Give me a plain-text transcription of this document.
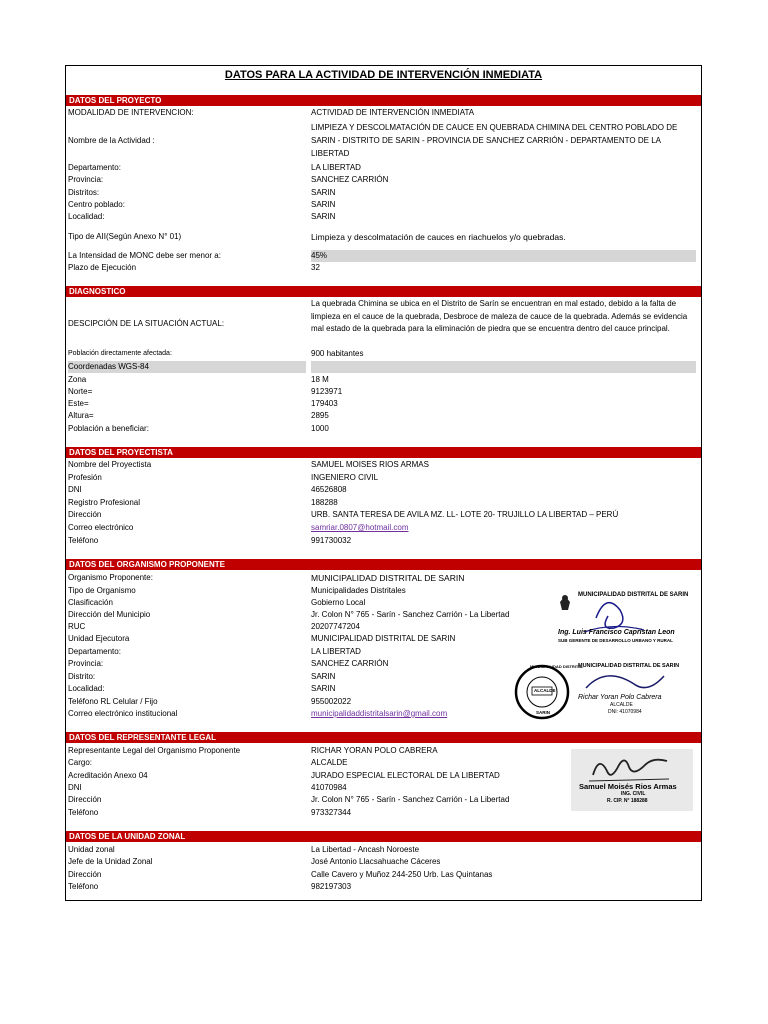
DATOS PARA LA ACTIVIDAD DE INTERVENCIÓN INMEDIATA
DATOS DEL PROYECTO
MODALIDAD DE INTERVENCION:	ACTIVIDAD DE INTERVENCIÓN INMEDIATA
Nombre de la Actividad :
LIMPIEZA Y DESCOLMATACIÓN DE CAUCE EN QUEBRADA CHIMINA DEL CENTRO POBLADO DE SARIN - DISTRITO DE SARIN - PROVINCIA DE SANCHEZ CARRIÓN - DEPARTAMENTO DE LA LIBERTAD
Departamento:	LA LIBERTAD
Provincia:	SANCHEZ CARRIÓN
Distritos:	SARIN
Centro poblado:	SARIN
Localidad:	SARIN
Tipo de AII(Según Anexo N° 01)	Limpieza y descolmatación de cauces en riachuelos y/o quebradas.
La Intensidad de MONC debe ser menor a:	45%
Plazo de Ejecución	32
DIAGNOSTICO
DESCIPCIÓN DE LA SITUACIÓN ACTUAL:
La quebrada Chimina se ubica en el Distrito de Sarín se encuentran en mal estado, debido a la falta de limpieza en el cauce de la quebrada, Desbroce de maleza de cauce de la quebrada. Además se evidencia mal estado de la quebrada para la eliminación de piedra que se encuentra dentro del cauce principal.
Población directamente afectada:	900 habitantes
Coordenadas WGS-84
Zona	18 M
Norte=	9123971
Este=	179403
Altura=	2895
Población a beneficiar:	1000
DATOS DEL PROYECTISTA
Nombre del Proyectista	SAMUEL MOISES RIOS ARMAS
Profesión	INGENIERO CIVIL
DNI	46526808
Registro Profesional	188288
Dirección	URB. SANTA TERESA DE AVILA MZ. LL- LOTE 20- TRUJILLO LA LIBERTAD – PERÚ
Correo electrónico	samriar.0807@hotmail.com
Teléfono	991730032
DATOS DEL ORGANISMO PROPONENTE
Organismo Proponente:	MUNICIPALIDAD DISTRITAL DE SARIN
Tipo de Organismo	Municipalidades Distritales
Clasificación	Gobierno Local
Dirección del Municipio	Jr. Colon N° 765 - Sarín - Sanchez Carrión - La Libertad
RUC	20207747204
Unidad Ejecutora	MUNICIPALIDAD DISTRITAL DE SARIN
Departamento:	LA LIBERTAD
Provincia:	SANCHEZ CARRIÓN
Distrito:	SARIN
Localidad:	SARIN
Teléfono RL Celular / Fijo	955002022
Correo electrónico institucional	municipalidaddistritalsarin@gmail.com
DATOS DEL REPRESENTANTE LEGAL
Representante Legal del Organismo Proponente	RICHAR YORAN POLO CABRERA
Cargo:	ALCALDE
Acreditación Anexo 04	JURADO ESPECIAL ELECTORAL DE LA LIBERTAD
DNI	41070984
Dirección	Jr. Colon N° 765 - Sarín - Sanchez Carrión - La Libertad
Teléfono	973327344
DATOS DE LA UNIDAD ZONAL
Unidad zonal	La Libertad - Ancash Noroeste
Jefe de la Unidad Zonal	José Antonio Llacsahuache Cáceres
Dirección	Calle Cavero y Muñoz 244-250 Urb. Las Quintanas
Teléfono	982197303
MUNICIPALIDAD DISTRITAL DE SARIN
Ing. Luis Francisco Capristan Leon
SUB GERENTE DE DESARROLLO URBANO Y RURAL
MUNICIPALIDAD DISTRITAL
ALCALDE
SARIN
MUNICIPALIDAD DISTRITAL DE SARIN
Richar Yoran Polo Cabrera
ALCALDE
DNI: 41070984
Samuel Moisés Rios Armas
ING. CIVIL
R. CIP. N° 188288
